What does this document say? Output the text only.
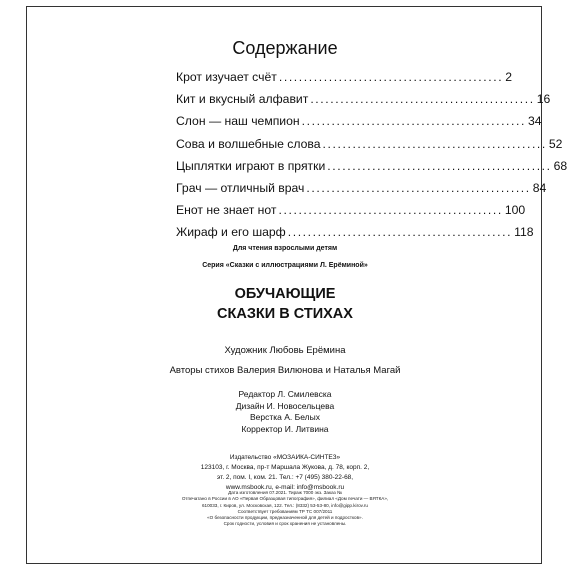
Содержание
Крот изучает счёт ............................................. 2
Кит и вкусный алфавит ............................................. 16
Слон — наш чемпион ............................................. 34
Сова и волшебные слова ............................................. 52
Цыплятки играют в прятки ............................................. 68
Грач — отличный врач ............................................. 84
Енот не знает нот ............................................. 100
Жираф и его шарф ............................................. 118
Для чтения взрослыми детям
Серия «Сказки с иллюстрациями Л. Ерёминой»
ОБУЧАЮЩИЕ
СКАЗКИ В СТИХАХ
Художник Любовь Ерёмина
Авторы стихов Валерия Вилюнова и Наталья Магай
Редактор Л. Смилевска
Дизайн И. Новосельцева
Верстка А. Белых
Корректор И. Литвина
Издательство «МОЗАИКА-СИНТЕЗ»
123103, г. Москва, пр-т Маршала Жукова, д. 78, корп. 2,
эт. 2, пом. I, ком. 21. Тел.: +7 (495) 380-22-68,
www.msbook.ru, e-mail: info@msbook.ru
Дата изготовления 07.2021. Тираж 7000 экз. Заказ №
Отпечатано в России в АО «Первая Образцовая типография», филиал «Дом печати — ВЯТКА»,
610033, г. Киров, ул. Московская, 122. Тел.: (8332) 53-53-80, info@gipp.kirov.ru
Соответствует требованиям ТР ТС 007/2011
«О безопасности продукции, предназначенной для детей и подростков».
Срок годности, условия и срок хранения не установлены.
